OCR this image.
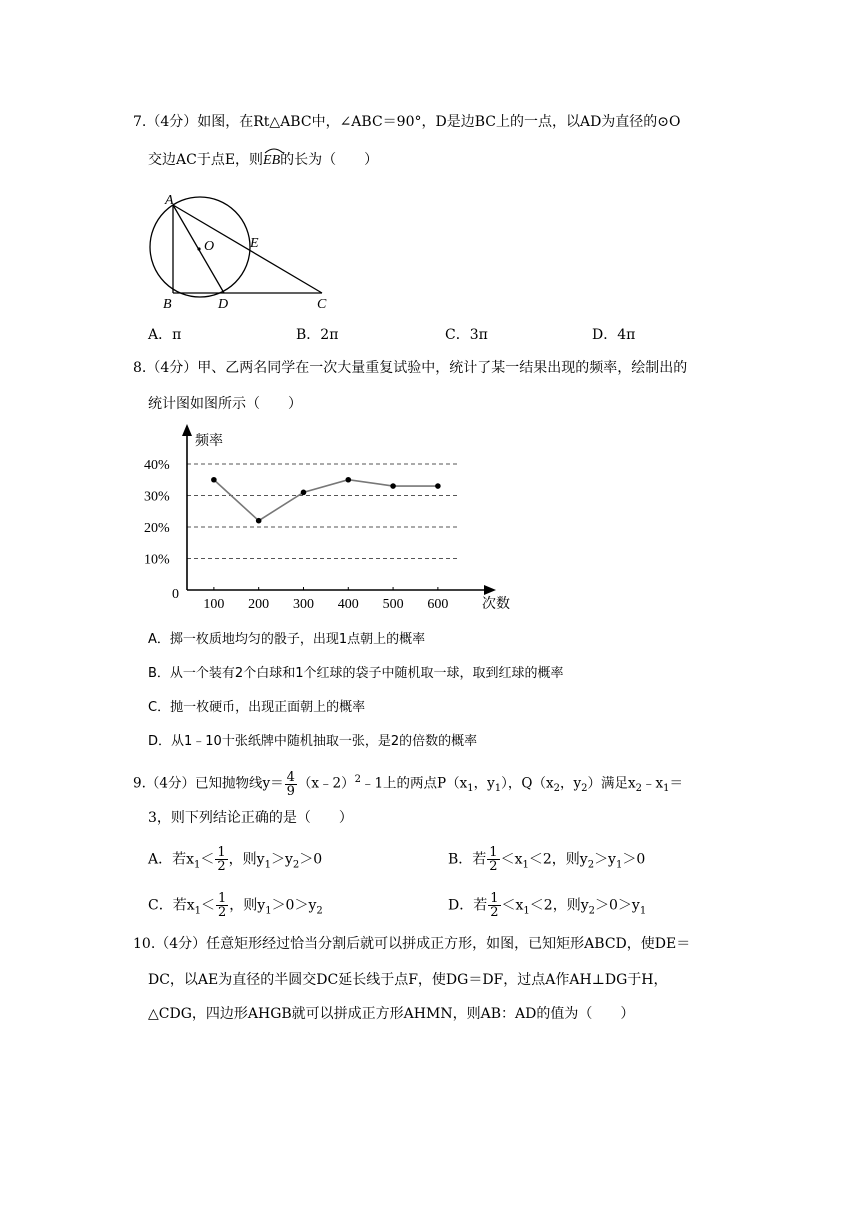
7.（4分）如图，在Rt△ABC中，∠ABC＝90°，D是边BC上的一点，以AD为直径的⊙O
交边AC于点E，则
EB的长为（　　）
A
O	E
B	D	C
A．π	B．2π	C．3π	D．4π
8.（4分）甲、乙两名同学在一次大量重复试验中，统计了某一结果出现的频率，绘制出的
统计图如图所示（　　）
频率
次数
0
40%
30%
20%
10%
100 200 300 400 500 600
A．掷一枚质地均匀的骰子，出现1点朝上的概率
B．从一个装有2个白球和1个红球的袋子中随机取一球，取到红球的概率
C．抛一枚硬币，出现正面朝上的概率
D．从1﹣10十张纸牌中随机抽取一张，是2的倍数的概率
9.（4分）已知抛物线$y= \frac{4}{9}$ （x﹣2）$^2$﹣1上的两点$P(x_1$，$y_1$），$Q(x_2$，$y_2$）满足$x_2﹣x_1=$
3，则下列结论正确的是（　　）
A．若$x_1< \frac{1}{2}$ ，则$y_1>y_2>0$	B．若 $\frac{1}{2} <x_1<2$，则$y_2>y_1>0$
C．若$x_1< \frac{1}{2}$ ，则$y_1>0>y_2$	D．若 $\frac{1}{2} <x_1<2$，则$y_2>0>y_1$
10.（4分）任意矩形经过恰当分割后就可以拼成正方形，如图，已知矩形ABCD，使DE＝
DC，以AE为直径的半圆交DC延长线于点F，使DG＝DF，过点A作AH⊥DG于H，
△CDG，四边形AHGB就可以拼成正方形AHMN，则AB：AD的值为（　　）
